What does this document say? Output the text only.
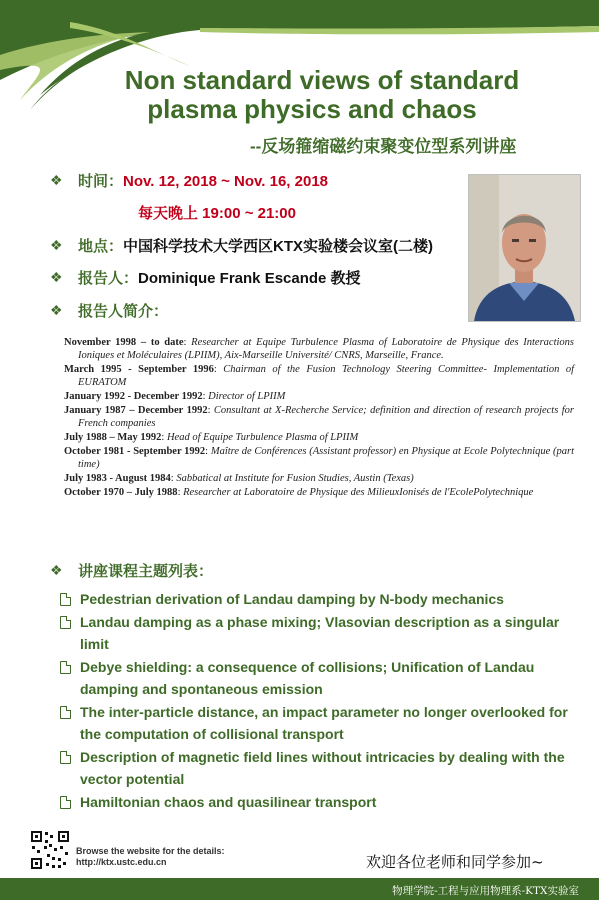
Non standard views of standard
plasma physics and chaos
--反场箍缩磁约束聚变位型系列讲座
❖ 时间：Nov. 12, 2018 ~ Nov. 16, 2018
每天晚上 19:00 ~ 21:00
❖ 地点：中国科学技术大学西区KTX实验楼会议室(二楼)
❖ 报告人：Dominique Frank Escande 教授
❖ 报告人简介：

November 1998 – to date: Researcher at Equipe Turbulence Plasma of Laboratoire de Physique des Interactions Ioniques et Moléculaires (LPIIM), Aix-Marseille Université/ CNRS, Marseille, France.

March 1995 - September 1996: Chairman of the Fusion Technology Steering Committee- Implementation of EURATOM

January 1992 - December 1992: Director of LPIIM

January 1987 – December 1992: Consultant at X-Recherche Service; definition and direction of research projects for French companies

July 1988 – May 1992: Head of Equipe Turbulence Plasma of LPIIM

October 1981 - September 1992: Maître de Conférences (Assistant professor) en Physique at Ecole Polytechnique (part time)

July 1983 - August 1984: Sabbatical at Institute for Fusion Studies, Austin (Texas)

October 1970 – July 1988: Researcher at Laboratoire de Physique des MilieuxIonisés de l'EcolePolytechnique

❖ 讲座课程主题列表：
Pedestrian derivation of Landau damping by N-body mechanics
Landau damping as a phase mixing; Vlasovian description as a singular limit
Debye shielding: a consequence of collisions; Unification of Landau damping and spontaneous emission
The inter-particle distance, an impact parameter no longer overlooked for the computation of collisional transport
Description of magnetic field lines without intricacies by dealing with the vector potential
Hamiltonian chaos and quasilinear transport
Browse the website for the details:
http://ktx.ustc.edu.cn	欢迎各位老师和同学参加~
物理学院-工程与应用物理系-KTX实验室
